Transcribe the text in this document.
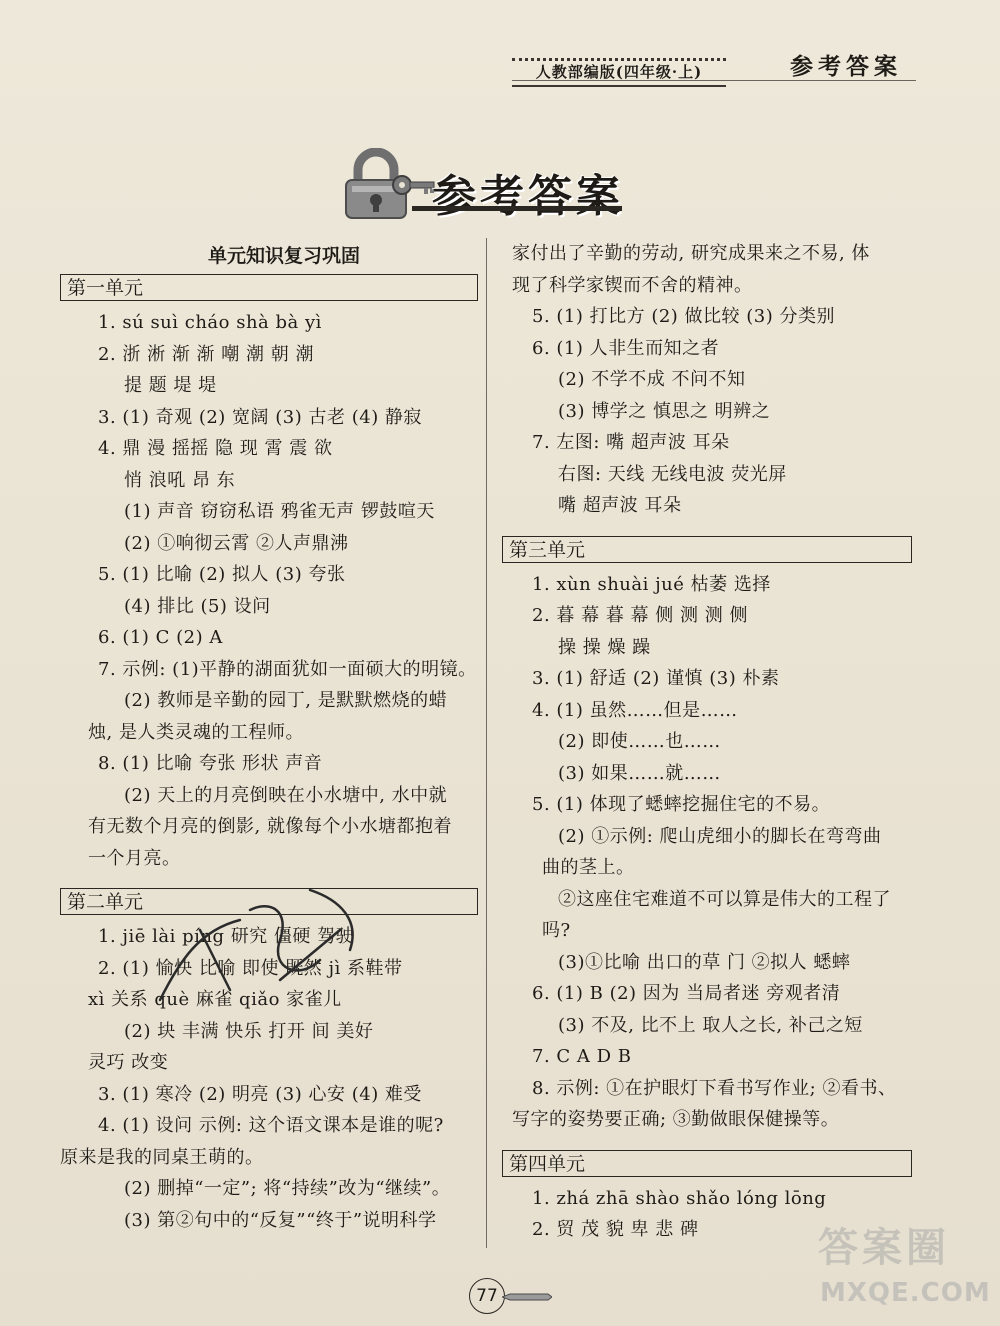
人教部编版(四年级·上)	参考答案
参考答案
单元知识复习巩固
第一单元
1. sú suì cháo shà bà yì
2. 浙 淅 渐 渐 嘲 潮 朝 潮
提 题 堤 堤
3. (1) 奇观 (2) 宽阔 (3) 古老 (4) 静寂
4. 鼎 漫 摇摇 隐 现 霄 震 欲
悄 浪吼 昂 东
(1) 声音 窃窃私语 鸦雀无声 锣鼓喧天
(2) ①响彻云霄 ②人声鼎沸
5. (1) 比喻 (2) 拟人 (3) 夸张
(4) 排比 (5) 设问
6. (1) C (2) A
7. 示例: (1)平静的湖面犹如一面硕大的明镜。
(2) 教师是辛勤的园丁, 是默默燃烧的蜡
烛, 是人类灵魂的工程师。
8. (1) 比喻 夸张 形状 声音
(2) 天上的月亮倒映在小水塘中, 水中就
有无数个月亮的倒影, 就像每个小水塘都抱着
一个月亮。
第二单元
1. jiē lài píng 研究 僵硬 驾驶
2. (1) 愉快 比喻 即使 既然 jì 系鞋带
xì 关系 què 麻雀 qiǎo 家雀儿
(2) 块 丰满 快乐 打开 间 美好
灵巧 改变
3. (1) 寒冷 (2) 明亮 (3) 心安 (4) 难受
4. (1) 设问 示例: 这个语文课本是谁的呢?
原来是我的同桌王萌的。
(2) 删掉“一定”; 将“持续”改为“继续”。
(3) 第②句中的“反复”“终于”说明科学
家付出了辛勤的劳动, 研究成果来之不易, 体
现了科学家锲而不舍的精神。
5. (1) 打比方 (2) 做比较 (3) 分类别
6. (1) 人非生而知之者
(2) 不学不成 不问不知
(3) 博学之 慎思之 明辨之
7. 左图: 嘴 超声波 耳朵
右图: 天线 无线电波 荧光屏
嘴 超声波 耳朵
第三单元
1. xùn shuài jué 枯萎 选择
2. 暮 幕 暮 幕 侧 测 测 侧
操 操 燥 躁
3. (1) 舒适 (2) 谨慎 (3) 朴素
4. (1) 虽然……但是……
(2) 即使……也……
(3) 如果……就……
5. (1) 体现了蟋蟀挖掘住宅的不易。
(2) ①示例: 爬山虎细小的脚长在弯弯曲
曲的茎上。
②这座住宅难道不可以算是伟大的工程了
吗?
(3)①比喻 出口的草 门 ②拟人 蟋蟀
6. (1) B (2) 因为 当局者迷 旁观者清
(3) 不及, 比不上 取人之长, 补己之短
7. C A D B
8. 示例: ①在护眼灯下看书写作业; ②看书、
写字的姿势要正确; ③勤做眼保健操等。
第四单元
1. zhá zhā shào shǎo lóng lōng
2. 贸 茂 貌 卑 悲 碑
77
答案圈
MXQE.COM
